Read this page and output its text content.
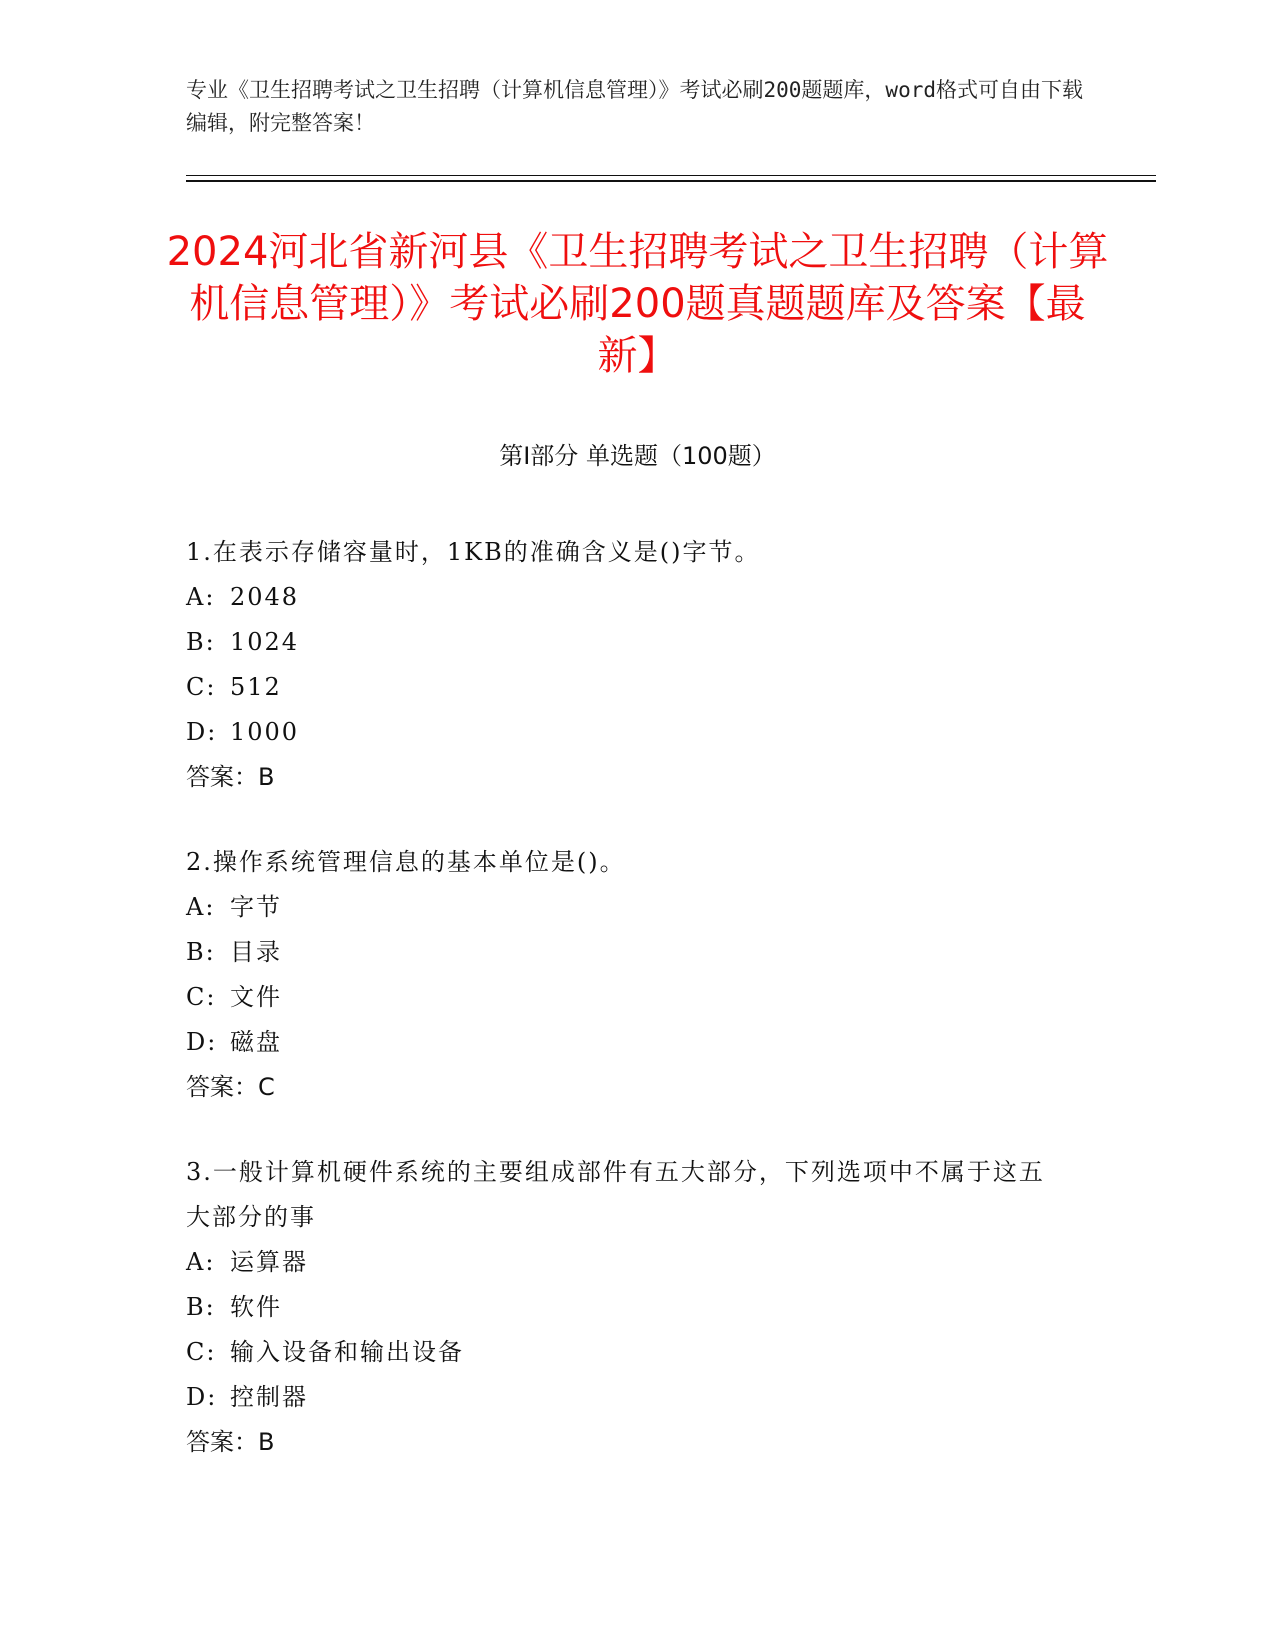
专业《卫生招聘考试之卫生招聘（计算机信息管理）》考试必刷200题题库，word格式可自由下载编辑，附完整答案！
2024河北省新河县《卫生招聘考试之卫生招聘（计算机信息管理）》考试必刷200题真题题库及答案【最新】
第I部分 单选题（100题）
1.在表示存储容量时，1KB的准确含义是()字节。
A: 2048
B: 1024
C: 512
D: 1000
答案：B
2.操作系统管理信息的基本单位是()。
A: 字节
B: 目录
C: 文件
D: 磁盘
答案：C
3.一般计算机硬件系统的主要组成部件有五大部分，下列选项中不属于这五大部分的事
A: 运算器
B: 软件
C: 输入设备和输出设备
D: 控制器
答案：B
